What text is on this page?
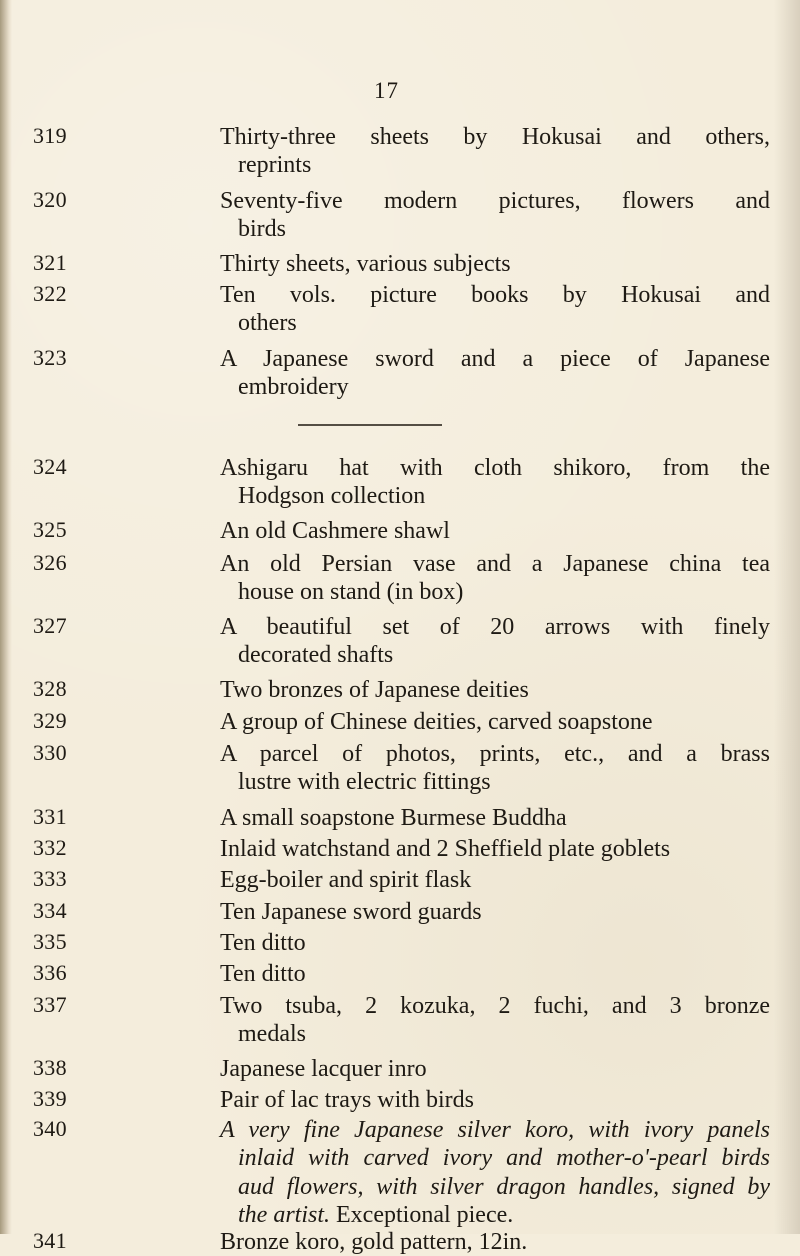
17
319	Thirty-three sheets by Hokusai and others,
reprints
320	Seventy-five modern pictures, flowers and
birds
321	Thirty sheets, various subjects
322	Ten vols. picture books by Hokusai and
others
323	A Japanese sword and a piece of Japanese
embroidery
324	Ashigaru hat with cloth shikoro, from the
Hodgson collection
325	An old Cashmere shawl
326	An old Persian vase and a Japanese china tea
house on stand (in box)
327	A beautiful set of 20 arrows with finely
decorated shafts
328	Two bronzes of Japanese deities
329	A group of Chinese deities, carved soapstone
330	A parcel of photos, prints, etc., and a brass
lustre with electric fittings
331	A small soapstone Burmese Buddha
332	Inlaid watchstand and 2 Sheffield plate goblets
333	Egg-boiler and spirit flask
334	Ten Japanese sword guards
335	Ten ditto
336	Ten ditto
337	Two tsuba, 2 kozuka, 2 fuchi, and 3 bronze
medals
338	Japanese lacquer inro
339	Pair of lac trays with birds
340	A very fine Japanese silver koro, with ivory panels
inlaid with carved ivory and mother-o'-pearl birds
aud flowers, with silver dragon handles, signed by
the artist. Exceptional piece.
341	Bronze koro, gold pattern, 12in.
